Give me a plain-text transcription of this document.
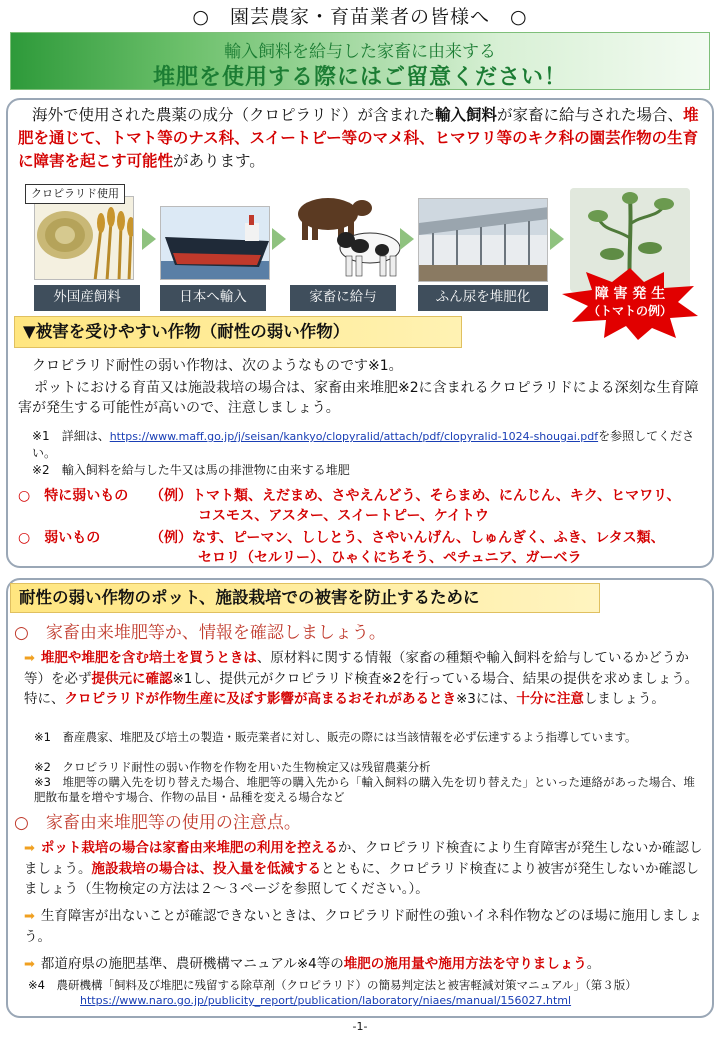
○　園芸農家・育苗業者の皆様へ　○
輸入飼料を給与した家畜に由来する
堆肥を使用する際にはご留意ください！
海外で使用された農薬の成分（クロピラリド）が含まれた輸入飼料が家畜に給与された場合、堆肥を通じて、トマト等のナス科、スイートピー等のマメ科、ヒマワリ等のキク科の園芸作物の生育に障害を起こす可能性があります。
クロピラリド使用
外国産飼料	日本へ輸入	家畜に給与	ふん尿を堆肥化	障 害 発 生
（トマトの例）
▼被害を受けやすい作物（耐性の弱い作物）
クロピラリド耐性の弱い作物は、次のようなものです※1。
ポットにおける育苗又は施設栽培の場合は、家畜由来堆肥※2に含まれるクロピラリドによる深刻な生育障害が発生する可能性が高いので、注意しましょう。
※1　詳細は、https://www.maff.go.jp/j/seisan/kankyo/clopyralid/attach/pdf/clopyralid-1024-shougai.pdfを参照してください。
※2　輸入飼料を給与した牛又は馬の排泄物に由来する堆肥
○　特に弱いもの （例）トマト類、えだまめ、さやえんどう、そらまめ、にんじん、キク、ヒマワリ、
コスモス、アスター、スイートピー、ケイトウ
○　弱いもの	（例）なす、ピーマン、ししとう、さやいんげん、しゅんぎく、ふき、レタス類、
セロリ（セルリー）、ひゃくにちそう、ペチュニア、ガーベラ
耐性の弱い作物のポット、施設栽培での被害を防止するために
○　家畜由来堆肥等か、情報を確認しましょう。
➡ 堆肥や堆肥を含む培土を買うときは、原材料に関する情報（家畜の種類や輸入飼料を給与しているかどうか等）を必ず提供元に確認※1し、提供元がクロピラリド検査※2を行っている場合、結果の提供を求めましょう。特に、クロピラリドが作物生産に及ぼす影響が高まるおそれがあるとき※3には、十分に注意しましょう。
※1　畜産農家、堆肥及び培土の製造・販売業者に対し、販売の際には当該情報を必ず伝達するよう指導しています。
※2　クロピラリド耐性の弱い作物を作物を用いた生物検定又は残留農薬分析
※3　堆肥等の購入先を切り替えた場合、堆肥等の購入先から「輸入飼料の購入先を切り替えた」といった連絡があった場合、堆肥散布量を増やす場合、作物の品目・品種を変える場合など
○　家畜由来堆肥等の使用の注意点。
➡ ポット栽培の場合は家畜由来堆肥の利用を控えるか、クロピラリド検査により生育障害が発生しないか確認しましょう。施設栽培の場合は、投入量を低減するとともに、クロピラリド検査により被害が発生しないか確認しましょう（生物検定の方法は２～３ページを参照してください。）。
➡ 生育障害が出ないことが確認できないときは、クロピラリド耐性の強いイネ科作物などのほ場に施用しましょう。
➡ 都道府県の施肥基準、農研機構マニュアル※4等の堆肥の施用量や施用方法を守りましょう。
※4　農研機構「飼料及び堆肥に残留する除草剤（クロピラリド）の簡易判定法と被害軽減対策マニュアル」（第３版）
https://www.naro.go.jp/publicity_report/publication/laboratory/niaes/manual/156027.html
-1-
